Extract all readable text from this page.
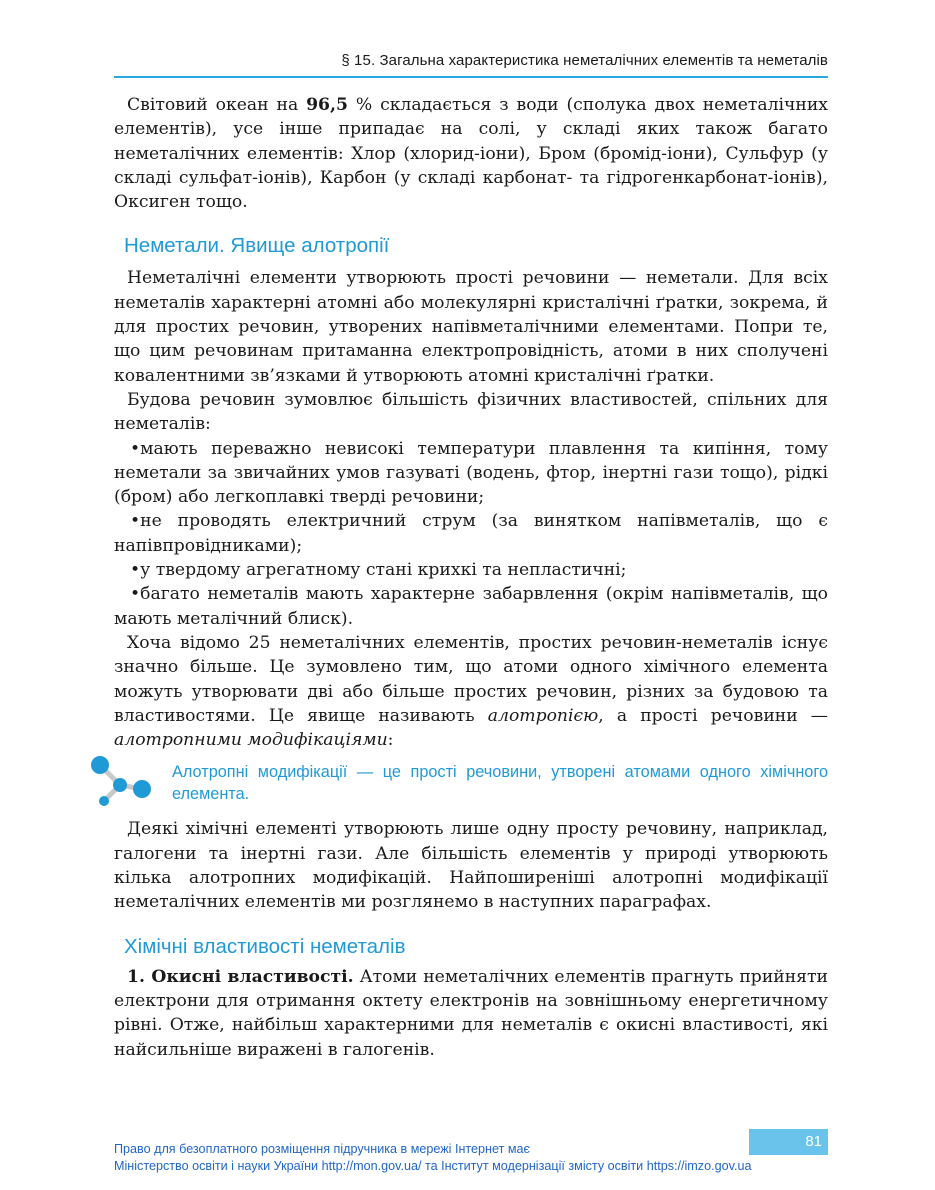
§ 15. Загальна характеристика неметалічних елементів та неметалів

Світовий океан на 96,5 % складається з води (сполука двох неметалічних елементів), усе інше припадає на солі, у складі яких також багато неметалічних елементів: Хлор (хлорид-іони), Бром (бромід-іони), Сульфур (у складі сульфат-іонів), Карбон (у складі карбонат- та гідрогенкарбонат-іонів), Оксиген тощо.

Неметали. Явище алотропії

Неметалічні елементи утворюють прості речовини — неметали. Для всіх неметалів характерні атомні або молекулярні кристалічні ґратки, зокрема, й для простих речовин, утворених напівметалічними елементами. Попри те, що цим речовинам притаманна електропровідність, атоми в них сполучені ковалентними зв’язками й утворюють атомні кристалічні ґратки.

Будова речовин зумовлює більшість фізичних властивостей, спільних для неметалів:

•мають переважно невисокі температури плавлення та кипіння, тому неметали за звичайних умов газуваті (водень, фтор, інертні гази тощо), рідкі (бром) або легкоплавкі тверді речовини;
•не проводять електричний струм (за винятком напівметалів, що є напівпровідниками);
•у твердому агрегатному стані крихкі та непластичні;
•багато неметалів мають характерне забарвлення (окрім напівметалів, що мають металічний блиск).

Хоча відомо 25 неметалічних елементів, простих речовин-неметалів існує значно більше. Це зумовлено тим, що атоми одного хімічного елемента можуть утворювати дві або більше простих речовин, різних за будовою та властивостями. Це явище називають алотропією, а прості речовини — алотропними модифікаціями:

Алотропні модифікації — це прості речовини, утворені атомами одного хімічного елемента.

Деякі хімічні елементі утворюють лише одну просту речовину, наприклад, галогени та інертні гази. Але більшість елементів у природі утворюють кілька алотропних модифікацій. Найпоширеніші алотропні модифікації неметалічних елементів ми розглянемо в наступних параграфах.

Хімічні властивості неметалів

1. Окисні властивості. Атоми неметалічних елементів прагнуть прийняти електрони для отримання октету електронів на зовнішньому енергетичному рівні. Отже, найбільш характерними для неметалів є окисні властивості, які найсильніше виражені в галогенів.

81
Право для безоплатного розміщення підручника в мережі Інтернет має
Міністерство освіти і науки України http://mon.gov.ua/ та Інститут модернізації змісту освіти https://imzo.gov.ua
